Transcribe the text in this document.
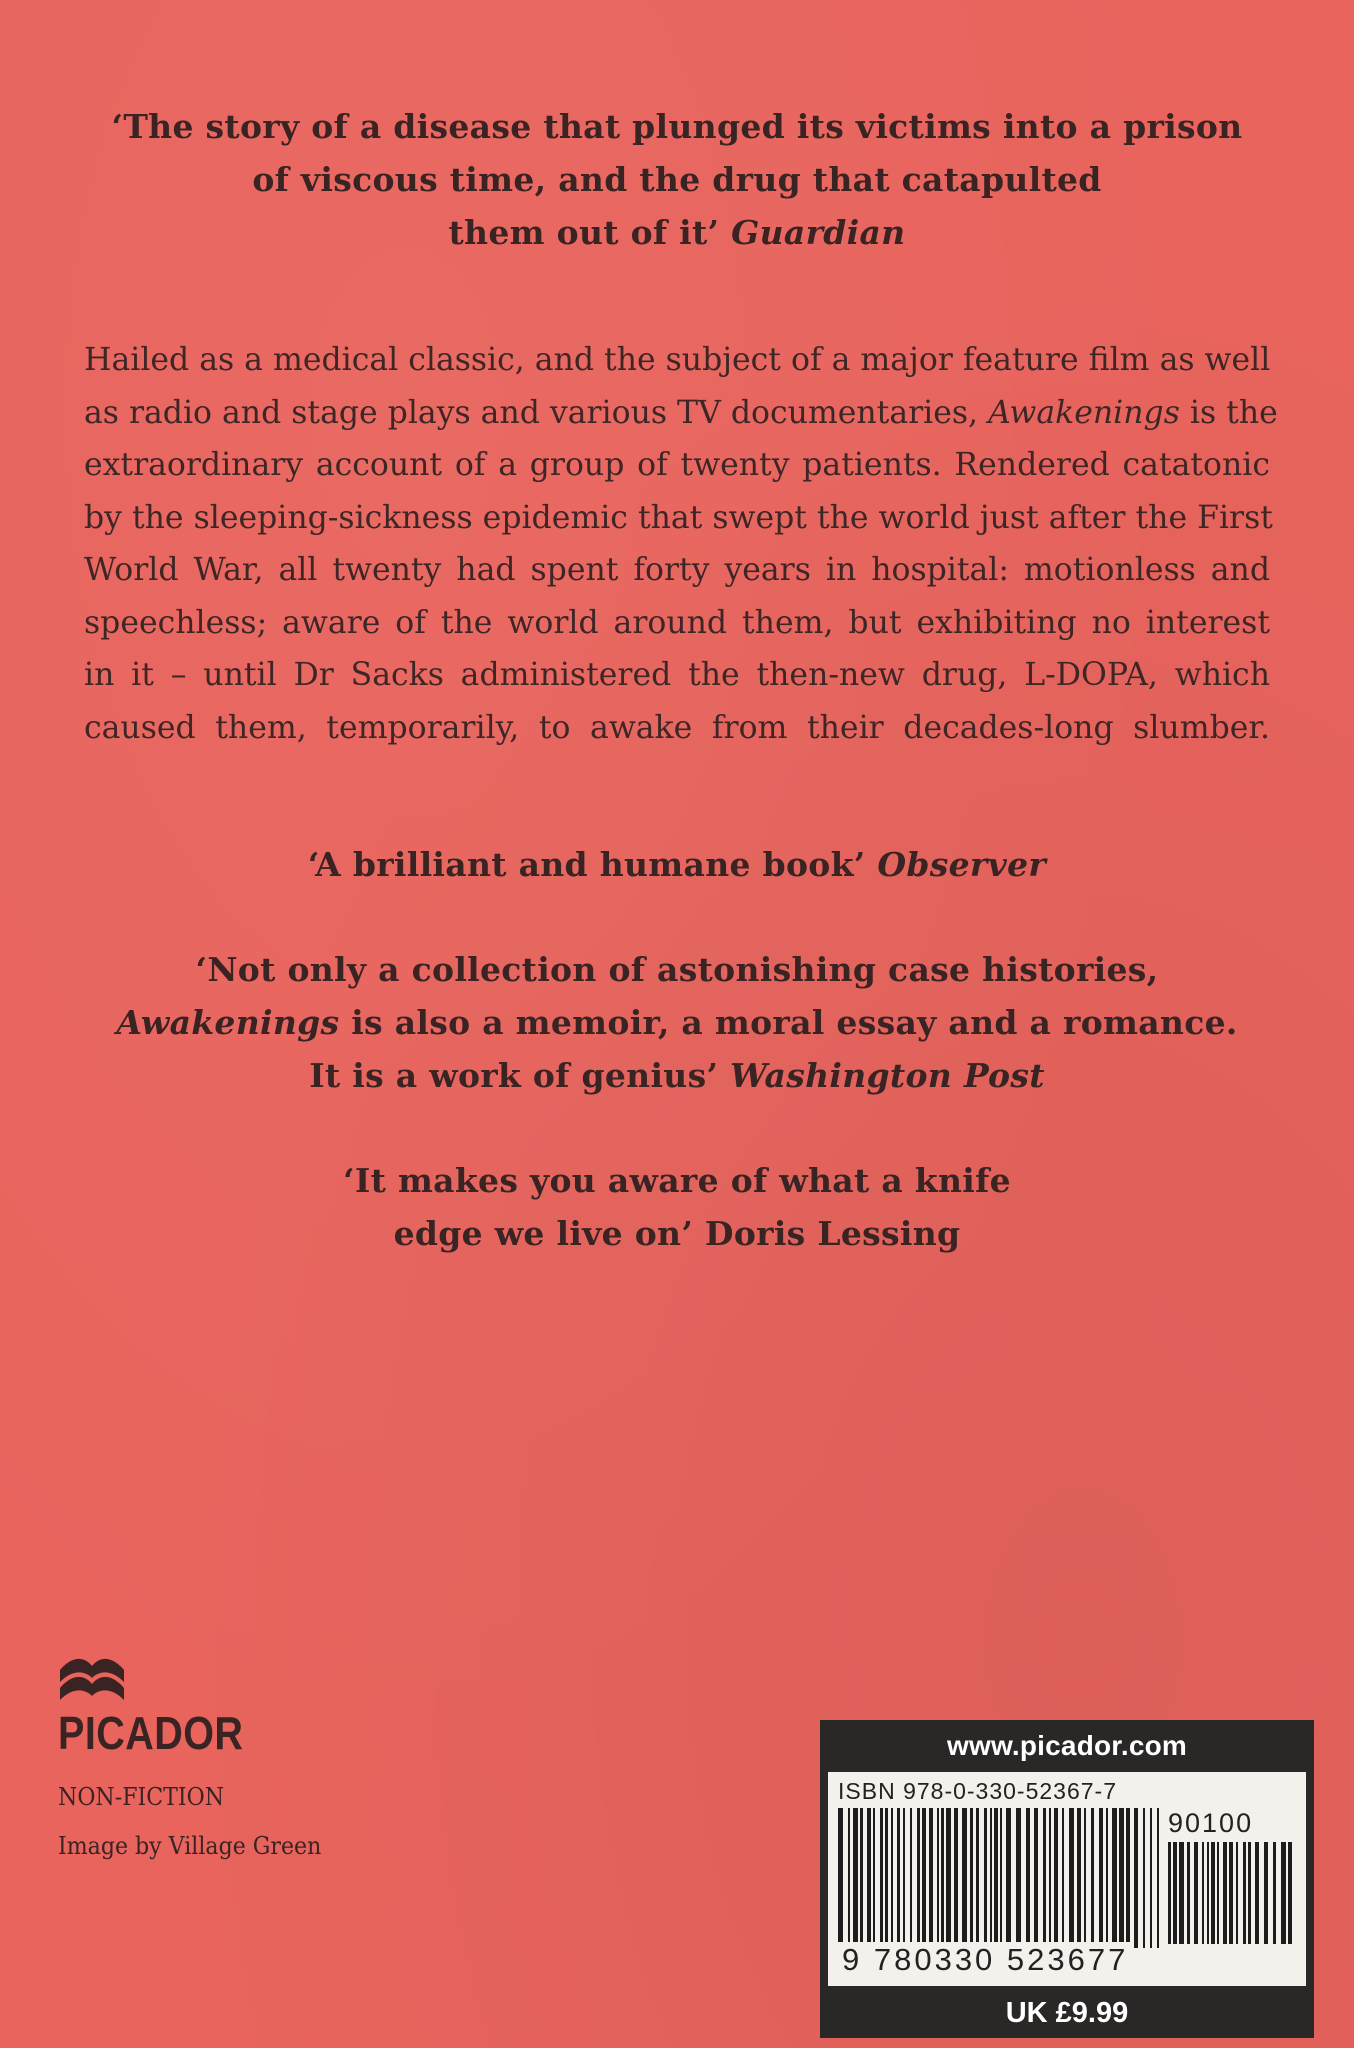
‘The story of a disease that plunged its victims into a prison
of viscous time, and the drug that catapulted
them out of it’ Guardian
Hailed as a medical classic, and the subject of a major feature film as well
as radio and stage plays and various TV documentaries, Awakenings is the
extraordinary account of a group of twenty patients. Rendered catatonic
by the sleeping-sickness epidemic that swept the world just after the First
World War, all twenty had spent forty years in hospital: motionless and
speechless; aware of the world around them, but exhibiting no interest
in it – until Dr Sacks administered the then-new drug, L-DOPA, which
caused them, temporarily, to awake from their decades-long slumber.
‘A brilliant and humane book’ Observer
‘Not only a collection of astonishing case histories,
Awakenings is also a memoir, a moral essay and a romance.
It is a work of genius’ Washington Post
‘It makes you aware of what a knife
edge we live on’ Doris Lessing
PICADOR
NON-FICTION
Image by Village Green
www.picador.com
ISBN 978-0-330-52367-7
90100
9 780330 523677
UK £9.99
